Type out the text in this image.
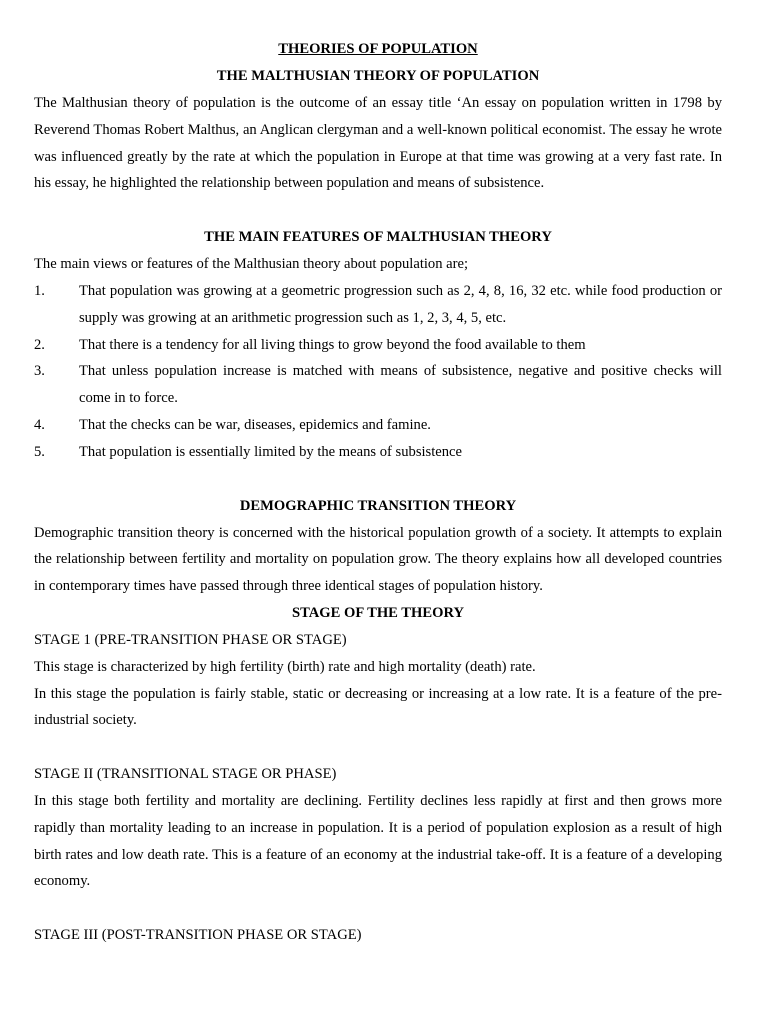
THEORIES OF POPULATION
THE MALTHUSIAN THEORY OF POPULATION

The Malthusian theory of population is the outcome of an essay title ‘An essay on population written in 1798 by Reverend Thomas Robert Malthus, an Anglican clergyman and a well-known political economist. The essay he wrote was influenced greatly by the rate at which the population in Europe at that time was growing at a very fast rate. In his essay, he highlighted the relationship between population and means of subsistence.

THE MAIN FEATURES OF MALTHUSIAN THEORY

The main views or features of the Malthusian theory about population are;

1.	That population was growing at a geometric progression such as 2, 4, 8, 16, 32 etc. while food production or supply was growing at an arithmetic progression such as 1, 2, 3, 4, 5, etc.
2.	That there is a tendency for all living things to grow beyond the food available to them
3.	That unless population increase is matched with means of subsistence, negative and positive checks will come in to force.
4.	That the checks can be war, diseases, epidemics and famine.
5.	That population is essentially limited by the means of subsistence
DEMOGRAPHIC TRANSITION THEORY

Demographic transition theory is concerned with the historical population growth of a society. It attempts to explain the relationship between fertility and mortality on population grow. The theory explains how all developed countries in contemporary times have passed through three identical stages of population history.

STAGE OF THE THEORY

STAGE 1 (PRE-TRANSITION PHASE OR STAGE)

This stage is characterized by high fertility (birth) rate and high mortality (death) rate.

In this stage the population is fairly stable, static or decreasing or increasing at a low rate. It is a feature of the pre-industrial society.

STAGE II (TRANSITIONAL STAGE OR PHASE)

In this stage both fertility and mortality are declining. Fertility declines less rapidly at first and then grows more rapidly than mortality leading to an increase in population. It is a period of population explosion as a result of high birth rates and low death rate. This is a feature of an economy at the industrial take-off. It is a feature of a developing economy.

STAGE III (POST-TRANSITION PHASE OR STAGE)
